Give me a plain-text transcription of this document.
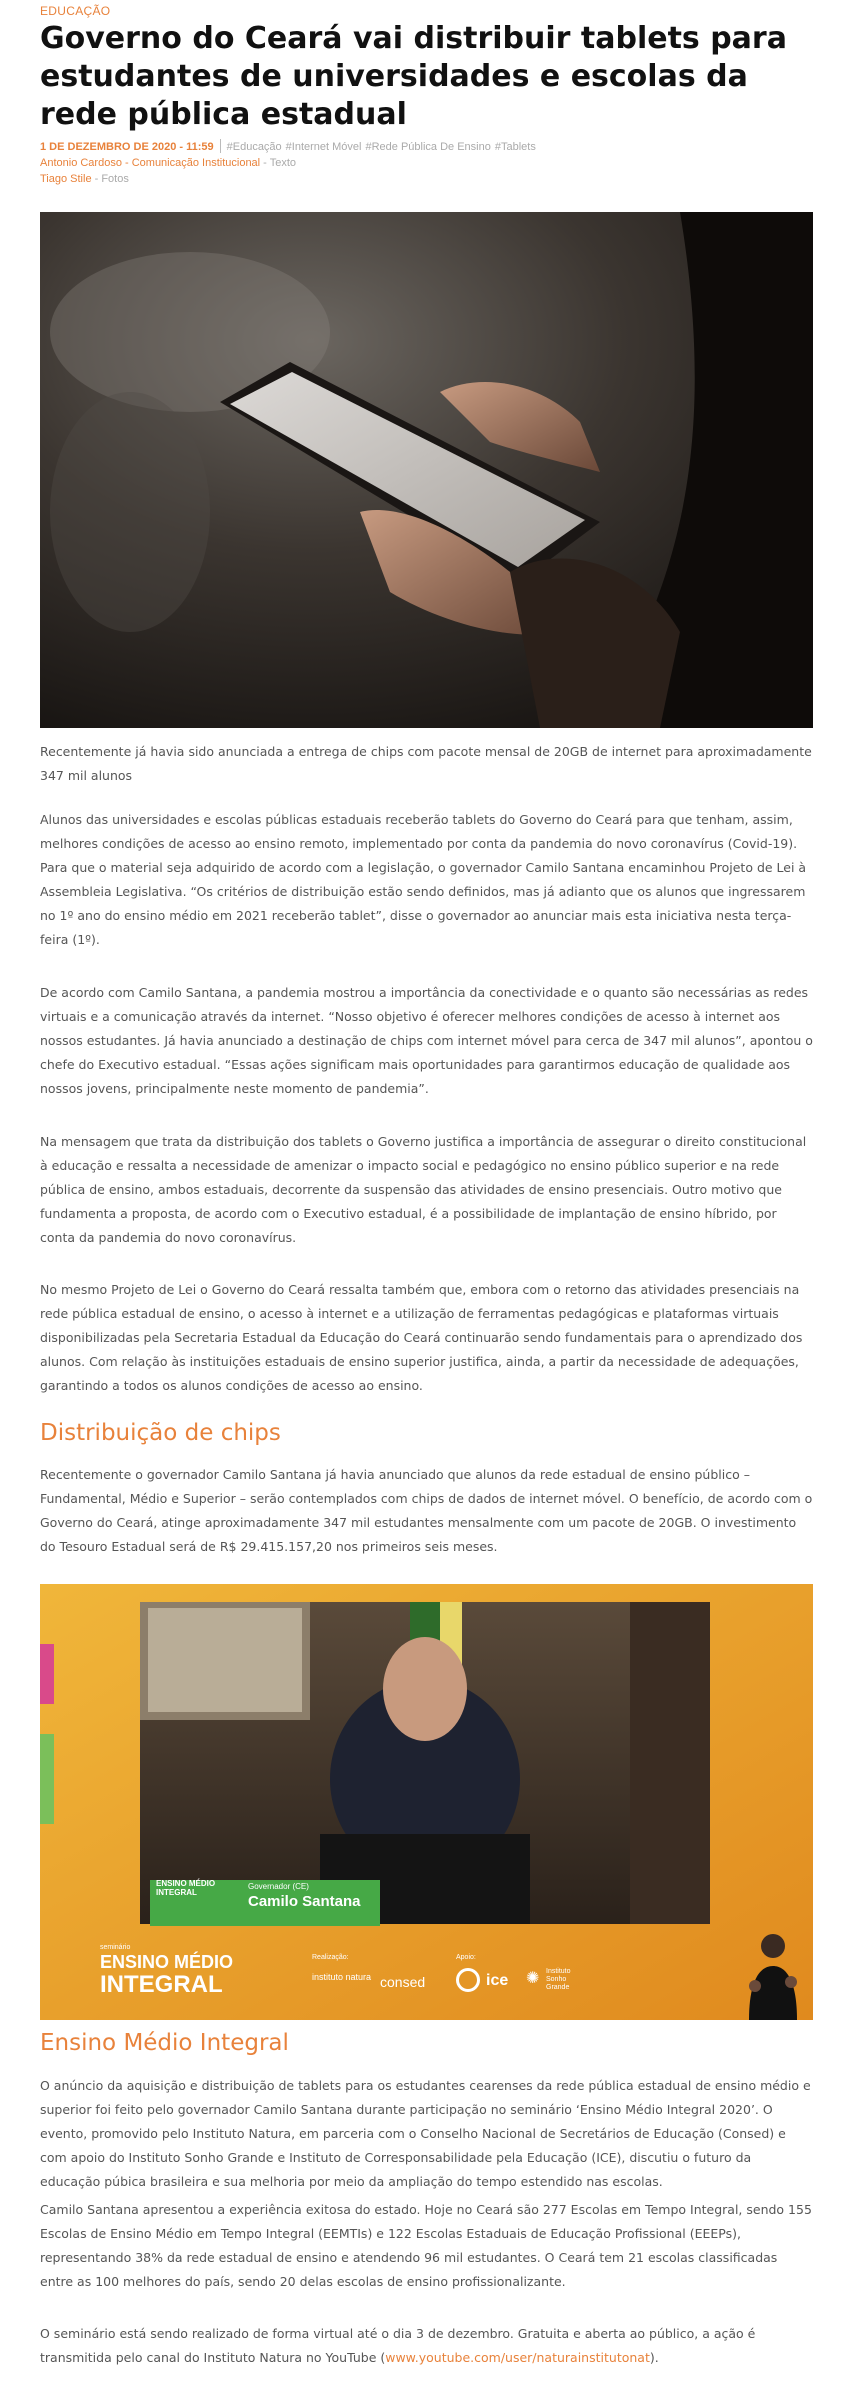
EDUCAÇÃO
Governo do Ceará vai distribuir tablets para estudantes de universidades e escolas da rede pública estadual
1 DE DEZEMBRO DE 2020 - 11:59 #Educação #Internet Móvel #Rede Pública De Ensino #Tablets
Antonio Cardoso - Comunicação Institucional - Texto
Tiago Stile - Fotos

Recentemente já havia sido anunciada a entrega de chips com pacote mensal de 20GB de internet para aproximadamente 347 mil alunos

Alunos das universidades e escolas públicas estaduais receberão tablets do Governo do Ceará para que tenham, assim, melhores condições de acesso ao ensino remoto, implementado por conta da pandemia do novo coronavírus (Covid-19). Para que o material seja adquirido de acordo com a legislação, o governador Camilo Santana encaminhou Projeto de Lei à Assembleia Legislativa. “Os critérios de distribuição estão sendo definidos, mas já adianto que os alunos que ingressarem no 1º ano do ensino médio em 2021 receberão tablet”, disse o governador ao anunciar mais esta iniciativa nesta terça-feira (1º).

De acordo com Camilo Santana, a pandemia mostrou a importância da conectividade e o quanto são necessárias as redes virtuais e a comunicação através da internet. “Nosso objetivo é oferecer melhores condições de acesso à internet aos nossos estudantes. Já havia anunciado a destinação de chips com internet móvel para cerca de 347 mil alunos”, apontou o chefe do Executivo estadual. “Essas ações significam mais oportunidades para garantirmos educação de qualidade aos nossos jovens, principalmente neste momento de pandemia”.

Na mensagem que trata da distribuição dos tablets o Governo justifica a importância de assegurar o direito constitucional à educação e ressalta a necessidade de amenizar o impacto social e pedagógico no ensino público superior e na rede pública de ensino, ambos estaduais, decorrente da suspensão das atividades de ensino presenciais. Outro motivo que fundamenta a proposta, de acordo com o Executivo estadual, é a possibilidade de implantação de ensino híbrido, por conta da pandemia do novo coronavírus.

No mesmo Projeto de Lei o Governo do Ceará ressalta também que, embora com o retorno das atividades presenciais na rede pública estadual de ensino, o acesso à internet e a utilização de ferramentas pedagógicas e plataformas virtuais disponibilizadas pela Secretaria Estadual da Educação do Ceará continuarão sendo fundamentais para o aprendizado dos alunos. Com relação às instituições estaduais de ensino superior justifica, ainda, a partir da necessidade de adequações, garantindo a todos os alunos condições de acesso ao ensino.

Distribuição de chips

Recentemente o governador Camilo Santana já havia anunciado que alunos da rede estadual de ensino público – Fundamental, Médio e Superior – serão contemplados com chips de dados de internet móvel. O benefício, de acordo com o Governo do Ceará, atinge aproximadamente 347 mil estudantes mensalmente com um pacote de 20GB. O investimento do Tesouro Estadual será de R$ 29.415.157,20 nos primeiros seis meses.

ENSINO MÉDIO INTEGRAL
Governador (CE)
Camilo Santana
seminário
ENSINO MÉDIO
INTEGRAL
Realização:
instituto natura consed
Apoio:
ice ✺ Instituto Sonho Grande
Ensino Médio Integral

O anúncio da aquisição e distribuição de tablets para os estudantes cearenses da rede pública estadual de ensino médio e superior foi feito pelo governador Camilo Santana durante participação no seminário ‘Ensino Médio Integral 2020’. O evento, promovido pelo Instituto Natura, em parceria com o Conselho Nacional de Secretários de Educação (Consed) e com apoio do Instituto Sonho Grande e Instituto de Corresponsabilidade pela Educação (ICE), discutiu o futuro da educação púbica brasileira e sua melhoria por meio da ampliação do tempo estendido nas escolas.

Camilo Santana apresentou a experiência exitosa do estado. Hoje no Ceará são 277 Escolas em Tempo Integral, sendo 155 Escolas de Ensino Médio em Tempo Integral (EEMTIs) e 122 Escolas Estaduais de Educação Profissional (EEEPs), representando 38% da rede estadual de ensino e atendendo 96 mil estudantes. O Ceará tem 21 escolas classificadas entre as 100 melhores do país, sendo 20 delas escolas de ensino profissionalizante.

O seminário está sendo realizado de forma virtual até o dia 3 de dezembro. Gratuita e aberta ao público, a ação é transmitida pelo canal do Instituto Natura no YouTube (www.youtube.com/user/naturainstitutonat).
